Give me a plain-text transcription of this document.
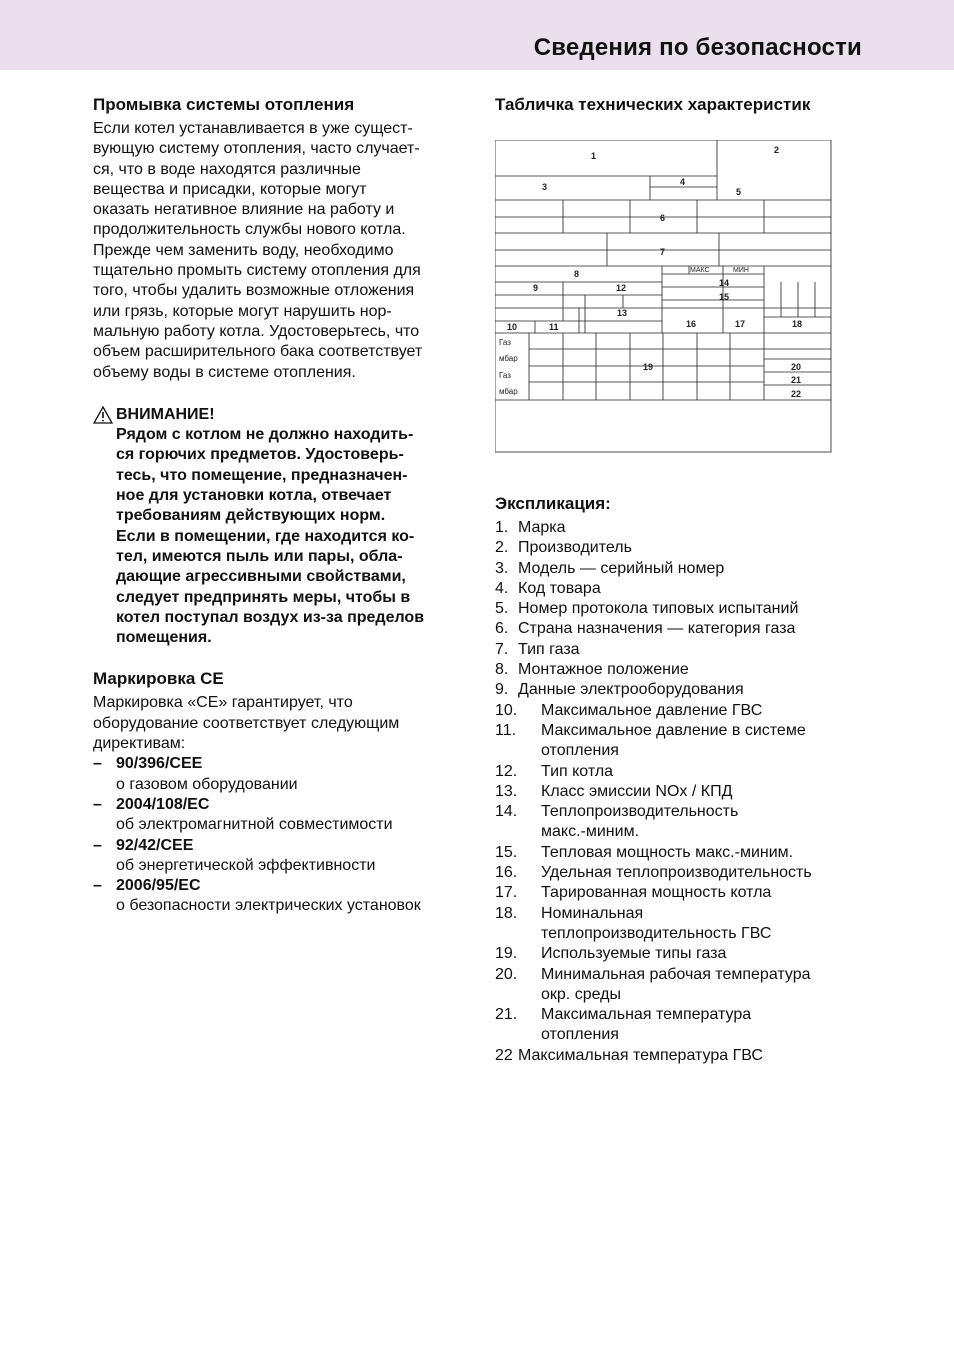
Сведения по безопасности
Промывка системы отопления

Если котел устанавливается в уже сущест-
вующую систему отопления, часто случает-
ся, что в воде находятся различные
вещества и присадки, которые могут
оказать негативное влияние на работу и
продолжительность службы нового котла.
Прежде чем заменить воду, необходимо
тщательно промыть систему отопления для
того, чтобы удалить возможные отложения
или грязь, которые могут нарушить нор-
мальную работу котла. Удостоверьтесь, что
объем расширительного бака соответствует
объему воды в системе отопления.

ВНИМАНИЕ!

Рядом с котлом не должно находить-
ся горючих предметов. Удостоверь-
тесь, что помещение, предназначен-
ное для установки котла, отвечает
требованиям действующих норм.
Если в помещении, где находится ко-
тел, имеются пыль или пары, обла-
дающие агрессивными свойствами,
следует предпринять меры, чтобы в
котел поступал воздух из-за пределов
помещения.

Маркировка CE

Маркировка «CE» гарантирует, что
оборудование соответствует следующим
директивам:

– 90/396/CEE
о газовом оборудовании
– 2004/108/EC
об электромагнитной совместимости
– 92/42/CEE
об энергетической эффективности
– 2006/95/EC
о безопасности электрических установок
Табличка технических характеристик
1
2
3	4
5
6
7
8
9
10	11
12
13
14
15
16	17	18
19	20
21
22
МАКС	МИН
Газ
мбар
Газ
мбар
Экспликация:
1. Марка
2. Производитель
3. Модель — серийный номер
4. Код товара
5. Номер протокола типовых испытаний
6. Страна назначения — категория газа
7. Тип газа
8. Монтажное положение
9. Данные электрооборудования
10.	Максимальное давление ГВС
11.	Максимальное давление в системе
отопления
12.	Тип котла
13.	Класс эмиссии NOx / КПД
14.	Теплопроизводительность
макс.-миним.
15.	Тепловая мощность макс.-миним.
16.	Удельная теплопроизводительность
17.	Тарированная мощность котла
18.	Номинальная
теплопроизводительность ГВС
19.	Используемые типы газа
20.	Минимальная рабочая температура
окр. среды
21.	Максимальная температура
отопления
22 Максимальная температура ГВС
